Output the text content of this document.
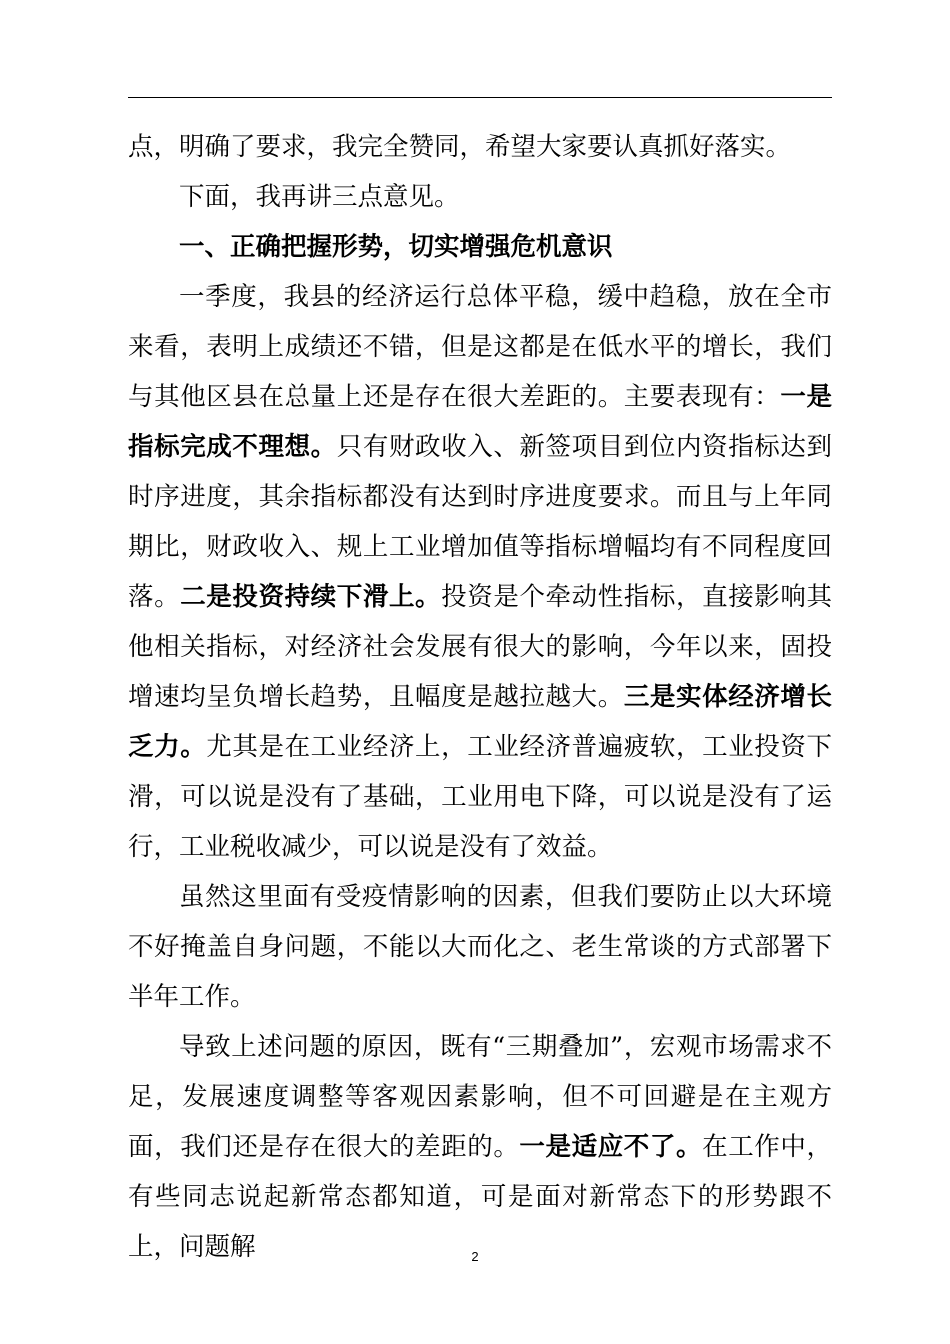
点，明确了要求，我完全赞同，希望大家要认真抓好落实。

下面，我再讲三点意见。

一、正确把握形势，切实增强危机意识

一季度，我县的经济运行总体平稳，缓中趋稳，放在全市来看，表明上成绩还不错，但是这都是在低水平的增长，我们与其他区县在总量上还是存在很大差距的。主要表现有：一是指标完成不理想。只有财政收入、新签项目到位内资指标达到时序进度，其余指标都没有达到时序进度要求。而且与上年同期比，财政收入、规上工业增加值等指标增幅均有不同程度回落。二是投资持续下滑上。投资是个牵动性指标，直接影响其他相关指标，对经济社会发展有很大的影响，今年以来，固投增速均呈负增长趋势，且幅度是越拉越大。三是实体经济增长乏力。尤其是在工业经济上，工业经济普遍疲软，工业投资下滑，可以说是没有了基础，工业用电下降，可以说是没有了运行，工业税收减少，可以说是没有了效益。

虽然这里面有受疫情影响的因素，但我们要防止以大环境不好掩盖自身问题，不能以大而化之、老生常谈的方式部署下半年工作。

导致上述问题的原因，既有“三期叠加”，宏观市场需求不足，发展速度调整等客观因素影响，但不可回避是在主观方面，我们还是存在很大的差距的。一是适应不了。在工作中，有些同志说起新常态都知道，可是面对新常态下的形势跟不上，问题解	2
